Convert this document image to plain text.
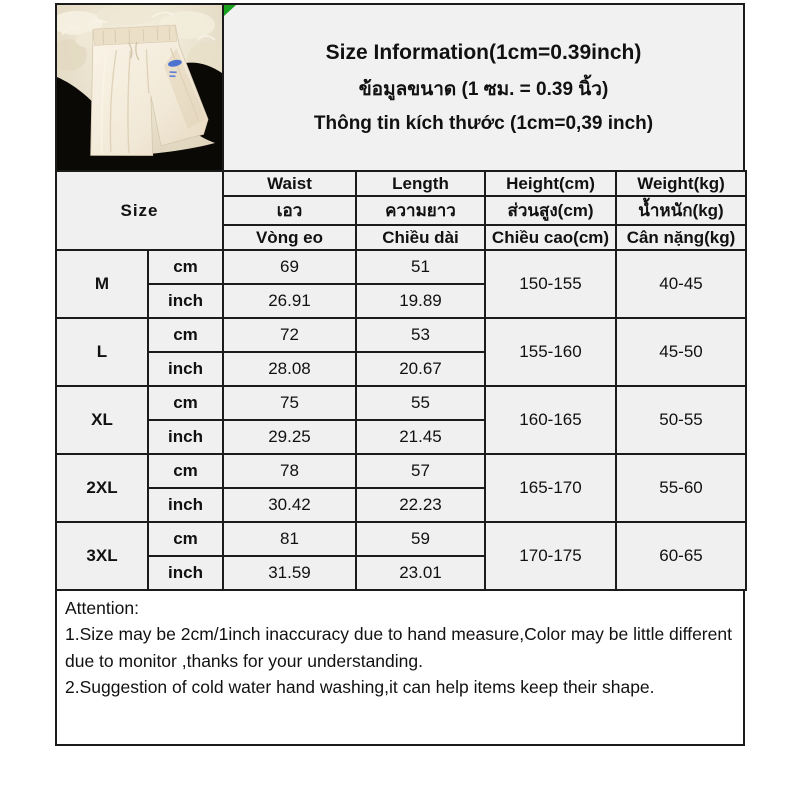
Size Information(1cm=0.39inch)
ข้อมูลขนาด (1 ซม. = 0.39 นิ้ว)
Thông tin kích thước (1cm=0,39 inch)
Size		Waist	Length	Height(cm)	Weight(kg)
		เอว	ความยาว	ส่วนสูง(cm)	น้ำหนัก(kg)
		Vòng eo	Chiều dài	Chiều cao(cm)	Cân nặng(kg)
M	cm	69	51	150-155	40-45
	inch	26.91	19.89		
L	cm	72	53	155-160	45-50
	inch	28.08	20.67		
XL	cm	75	55	160-165	50-55
	inch	29.25	21.45		
2XL	cm	78	57	165-170	55-60
	inch	30.42	22.23		
3XL	cm	81	59	170-175	60-65
	inch	31.59	23.01		

Attention:

1.Size may be 2cm/1inch inaccuracy due to hand measure,Color may be little different due to monitor ,thanks for your understanding.

2.Suggestion of cold water hand washing,it can help items keep their shape.
